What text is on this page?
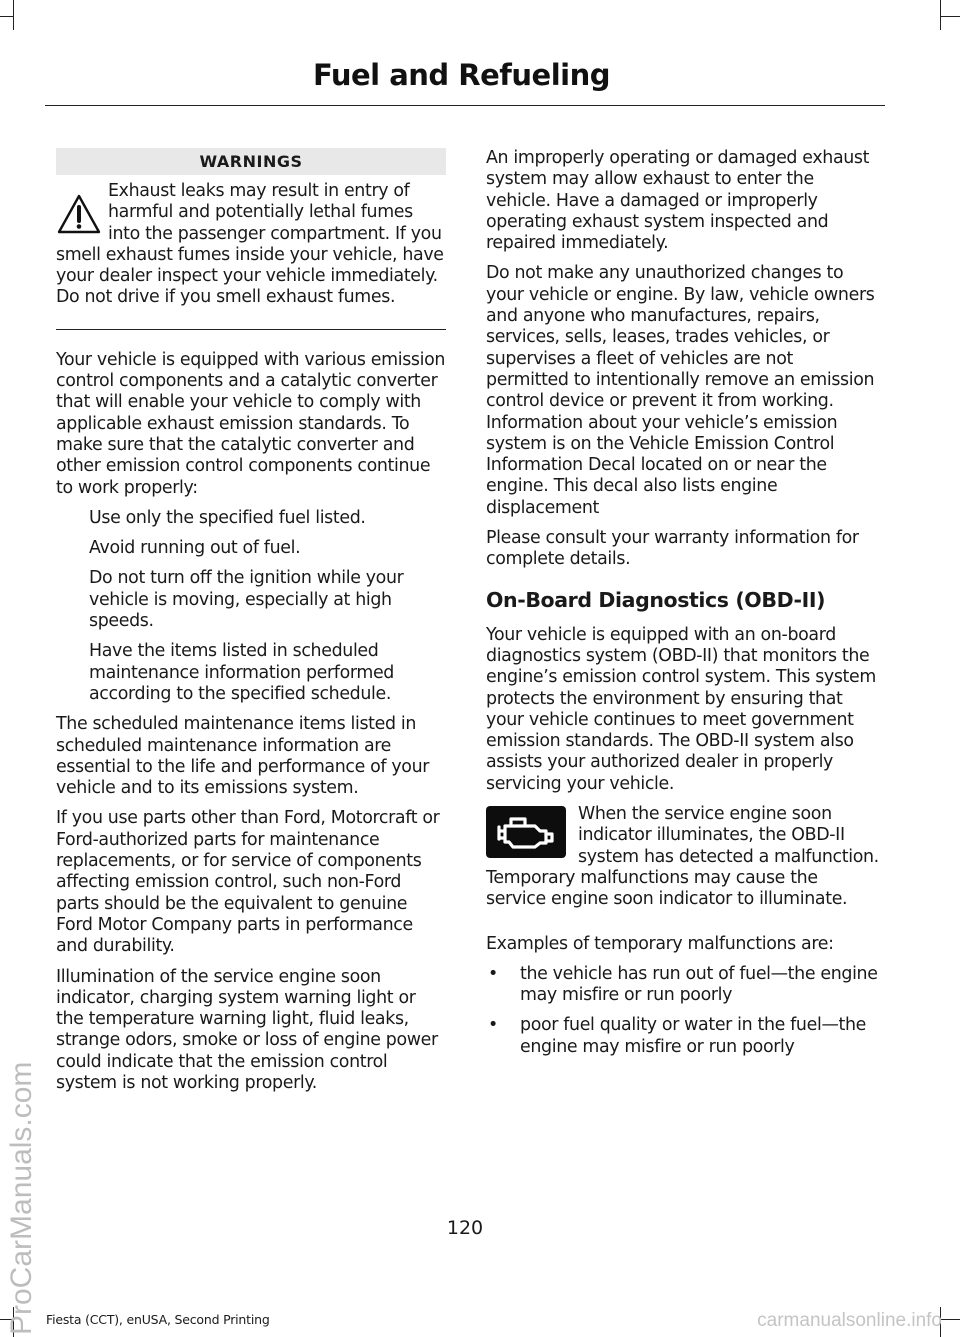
Fuel and Refueling
WARNINGS

Exhaust leaks may result in entry of harmful and potentially lethal fumes into the passenger compartment. If you smell exhaust fumes inside your vehicle, have your dealer inspect your vehicle immediately. Do not drive if you smell exhaust fumes.

Your vehicle is equipped with various emission control components and a catalytic converter that will enable your vehicle to comply with applicable exhaust emission standards. To make sure that the catalytic converter and other emission control components continue to work properly:

Use only the specified fuel listed.
Avoid running out of fuel.
Do not turn off the ignition while your vehicle is moving, especially at high speeds.
Have the items listed in scheduled maintenance information performed according to the specified schedule.

The scheduled maintenance items listed in scheduled maintenance information are essential to the life and performance of your vehicle and to its emissions system.

If you use parts other than Ford, Motorcraft or Ford-authorized parts for maintenance replacements, or for service of components affecting emission control, such non-Ford parts should be the equivalent to genuine Ford Motor Company parts in performance and durability.

Illumination of the service engine soon indicator, charging system warning light or the temperature warning light, fluid leaks, strange odors, smoke or loss of engine power could indicate that the emission control system is not working properly.

An improperly operating or damaged exhaust system may allow exhaust to enter the vehicle. Have a damaged or improperly operating exhaust system inspected and repaired immediately.

Do not make any unauthorized changes to your vehicle or engine. By law, vehicle owners and anyone who manufactures, repairs, services, sells, leases, trades vehicles, or supervises a fleet of vehicles are not permitted to intentionally remove an emission control device or prevent it from working. Information about your vehicle’s emission system is on the Vehicle Emission Control Information Decal located on or near the engine. This decal also lists engine displacement

Please consult your warranty information for complete details.

On-Board Diagnostics (OBD-II)

Your vehicle is equipped with an on-board diagnostics system (OBD-II) that monitors the engine’s emission control system. This system protects the environment by ensuring that your vehicle continues to meet government emission standards. The OBD-II system also assists your authorized dealer in properly servicing your vehicle.

When the service engine soon indicator illuminates, the OBD-II system has detected a malfunction. Temporary malfunctions may cause the service engine soon indicator to illuminate.

Examples of temporary malfunctions are:

• the vehicle has run out of fuel—the engine may misfire or run poorly
• poor fuel quality or water in the fuel—the engine may misfire or run poorly
120
Fiesta (CCT), enUSA, Second Printing
ProCarManuals.com	carmanualsonline.info
